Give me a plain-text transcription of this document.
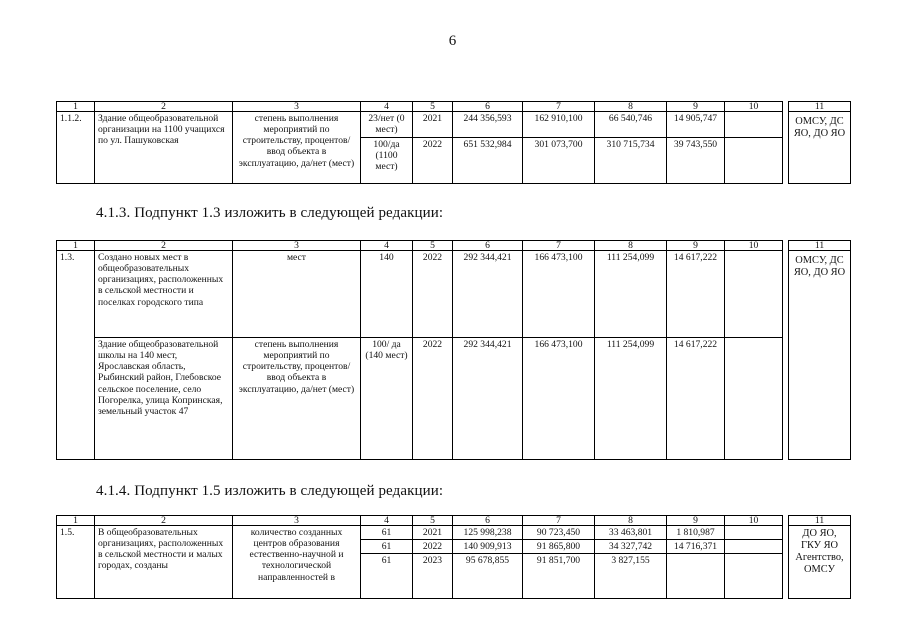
6
1	2	3	4	5	6	7	8	9	10		11
1.1.2.	Здание общеобразовательной организации на 1100 учащихся по ул. Пашуковская	степень выполнения мероприятий по строительству, процентов/ ввод объекта в эксплуатацию, да/нет (мест)	23/нет (0 мест)	2021	244 356,593	162 910,100	66 540,746	14 905,747			ОМСУ, ДС ЯО, ДО ЯО
			100/да (1100 мест)	2022	651 532,984	301 073,700	310 715,734	39 743,550			
4.1.3. Подпункт 1.3 изложить в следующей редакции:
1	2	3	4	5	6	7	8	9	10		11
1.3.	Создано новых мест в общеобразовательных организациях, расположенных в сельской местности и поселках городского типа	мест	140	2022	292 344,421	166 473,100	111 254,099	14 617,222			ОМСУ, ДС ЯО, ДО ЯО
	Здание общеобразовательной школы на 140 мест, Ярославская область, Рыбинский район, Глебовское сельское поселение, село Погорелка, улица Копринская, земельный участок 47	степень выполнения мероприятий по строительству, процентов/ ввод объекта в эксплуатацию, да/нет (мест)	100/ да (140 мест)	2022	292 344,421	166 473,100	111 254,099	14 617,222			
4.1.4. Подпункт 1.5 изложить в следующей редакции:
1	2	3	4	5	6	7	8	9	10		11
1.5.	В общеобразовательных организациях, расположенных в сельской местности и малых городах, созданы	количество созданных центров образования естественно-научной и технологической направленностей в	61	2021	125 998,238	90 723,450	33 463,801	1 810,987			ДО ЯО, ГКУ ЯО Агентство, ОМСУ
			61	2022	140 909,913	91 865,800	34 327,742	14 716,371			
			61	2023	95 678,855	91 851,700	3 827,155				
